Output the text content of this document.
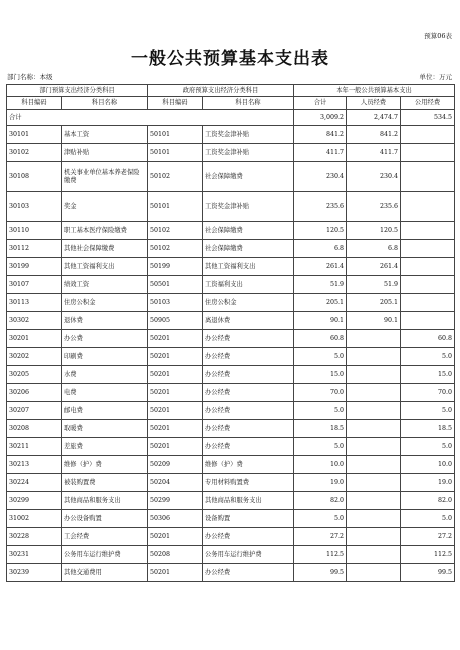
预算06表
一般公共预算基本支出表
部门名称：本级	单位：万元
部门预算支出经济分类科目		政府预算支出经济分类科目		本年一般公共预算基本支出		
科目编码	科目名称	科目编码	科目名称	合计	人员经费	公用经费
合计				3,009.2	2,474.7	534.5
30101	基本工资	50101	工资奖金津补贴	841.2	841.2	
30102	津贴补贴	50101	工资奖金津补贴	411.7	411.7	
30108	机关事业单位基本养老保险缴费	50102	社会保障缴费	230.4	230.4	
30103	奖金	50101	工资奖金津补贴	235.6	235.6	
30110	职工基本医疗保险缴费	50102	社会保障缴费	120.5	120.5	
30112	其他社会保障缴费	50102	社会保障缴费	6.8	6.8	
30199	其他工资福利支出	50199	其他工资福利支出	261.4	261.4	
30107	绩效工资	50501	工资福利支出	51.9	51.9	
30113	住房公积金	50103	住房公积金	205.1	205.1	
30302	退休费	50905	离退休费	90.1	90.1	
30201	办公费	50201	办公经费	60.8		60.8
30202	印刷费	50201	办公经费	5.0		5.0
30205	水费	50201	办公经费	15.0		15.0
30206	电费	50201	办公经费	70.0		70.0
30207	邮电费	50201	办公经费	5.0		5.0
30208	取暖费	50201	办公经费	18.5		18.5
30211	差旅费	50201	办公经费	5.0		5.0
30213	维修（护）费	50209	维修（护）费	10.0		10.0
30224	被装购置费	50204	专用材料购置费	19.0		19.0
30299	其他商品和服务支出	50299	其他商品和服务支出	82.0		82.0
31002	办公设备购置	50306	设备购置	5.0		5.0
30228	工会经费	50201	办公经费	27.2		27.2
30231	公务用车运行维护费	50208	公务用车运行维护费	112.5		112.5
30239	其他交通费用	50201	办公经费	99.5		99.5
